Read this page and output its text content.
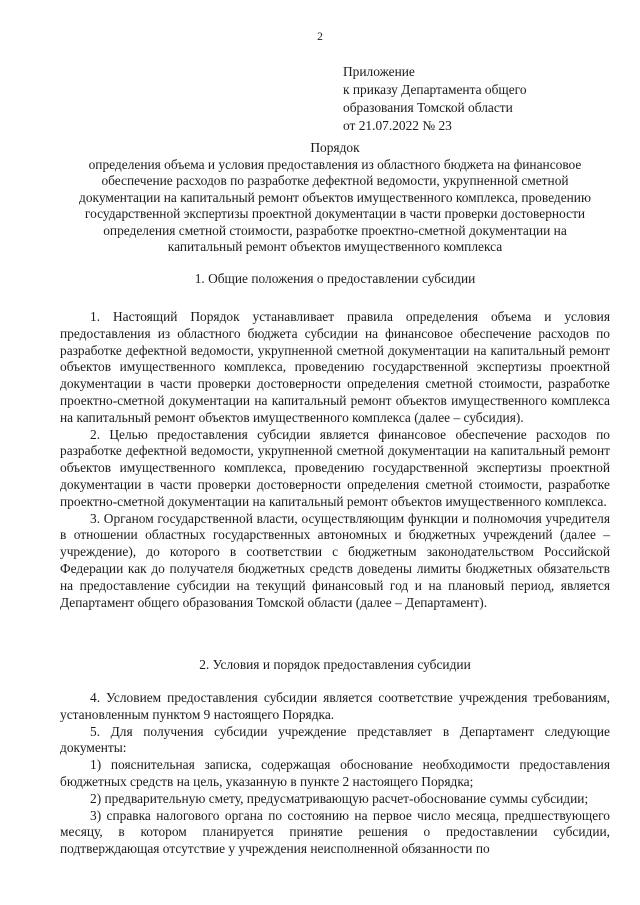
2
Приложение
к приказу Департамента общего
образования Томской области
от 21.07.2022 № 23
Порядок
определения объема и условия предоставления из областного бюджета на финансовое
обеспечение расходов по разработке дефектной ведомости, укрупненной сметной
документации на капитальный ремонт объектов имущественного комплекса, проведению
государственной экспертизы проектной документации в части проверки достоверности
определения сметной стоимости, разработке проектно-сметной документации на
капитальный ремонт объектов имущественного комплекса
1. Общие положения о предоставлении субсидии
1. Настоящий Порядок устанавливает правила определения объема и условия предоставления из областного бюджета субсидии на финансовое обеспечение расходов по разработке дефектной ведомости, укрупненной сметной документации на капитальный ремонт объектов имущественного комплекса, проведению государственной экспертизы проектной документации в части проверки достоверности определения сметной стоимости, разработке проектно-сметной документации на капитальный ремонт объектов имущественного комплекса на капитальный ремонт объектов имущественного комплекса (далее – субсидия).
2. Целью предоставления субсидии является финансовое обеспечение расходов по разработке дефектной ведомости, укрупненной сметной документации на капитальный ремонт объектов имущественного комплекса, проведению государственной экспертизы проектной документации в части проверки достоверности определения сметной стоимости, разработке проектно-сметной документации на капитальный ремонт объектов имущественного комплекса.
3. Органом государственной власти, осуществляющим функции и полномочия учредителя в отношении областных государственных автономных и бюджетных учреждений (далее – учреждение), до которого в соответствии с бюджетным законодательством Российской Федерации как до получателя бюджетных средств доведены лимиты бюджетных обязательств на предоставление субсидии на текущий финансовый год и на плановый период, является Департамент общего образования Томской области (далее – Департамент).
2. Условия и порядок предоставления субсидии
4. Условием предоставления субсидии является соответствие учреждения требованиям, установленным пунктом 9 настоящего Порядка.
5. Для получения субсидии учреждение представляет в Департамент следующие документы:
1) пояснительная записка, содержащая обоснование необходимости предоставления бюджетных средств на цель, указанную в пункте 2 настоящего Порядка;
2) предварительную смету, предусматривающую расчет-обоснование суммы субсидии;
3) справка налогового органа по состоянию на первое число месяца, предшествующего месяцу, в котором планируется принятие решения о предоставлении субсидии, подтверждающая отсутствие у учреждения неисполненной обязанности по
